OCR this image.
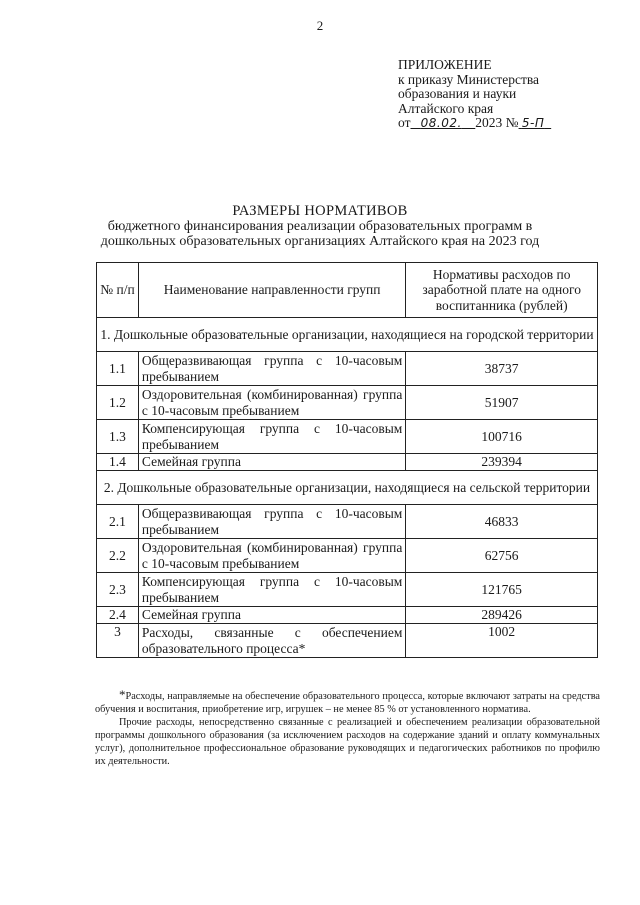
2
ПРИЛОЖЕНИЕ
к приказу Министерства
образования и науки
Алтайского края
от 08.02. 2023 № 5-П
РАЗМЕРЫ НОРМАТИВОВ
бюджетного финансирования реализации образовательных программ в
дошкольных образовательных организациях Алтайского края на 2023 год
№ п/п	Наименование направленности групп	Нормативы расходов по заработной плате на одного воспитанника (рублей)
1. Дошкольные образовательные организации, находящиеся на городской территории		
1.1	Общеразвивающая группа с 10-часовым пребыванием	38737
1.2	Оздоровительная (комбинированная) группа с 10-часовым пребыванием	51907
1.3	Компенсирующая группа с 10-часовым пребыванием	100716
1.4	Семейная группа	239394
2. Дошкольные образовательные организации, находящиеся на сельской территории		
2.1	Общеразвивающая группа с 10-часовым пребыванием	46833
2.2	Оздоровительная (комбинированная) группа с 10-часовым пребыванием	62756
2.3	Компенсирующая группа с 10-часовым пребыванием	121765
2.4	Семейная группа	289426
3	Расходы, связанные с обеспечением образовательного процесса*	1002

*Расходы, направляемые на обеспечение образовательного процесса, которые включают затраты на средства обучения и воспитания, приобретение игр, игрушек – не менее 85 % от установленного норматива.

Прочие расходы, непосредственно связанные с реализацией и обеспечением реализации образовательной программы дошкольного образования (за исключением расходов на содержание зданий и оплату коммунальных услуг), дополнительное профессиональное образование руководящих и педагогических работников по профилю их деятельности.
